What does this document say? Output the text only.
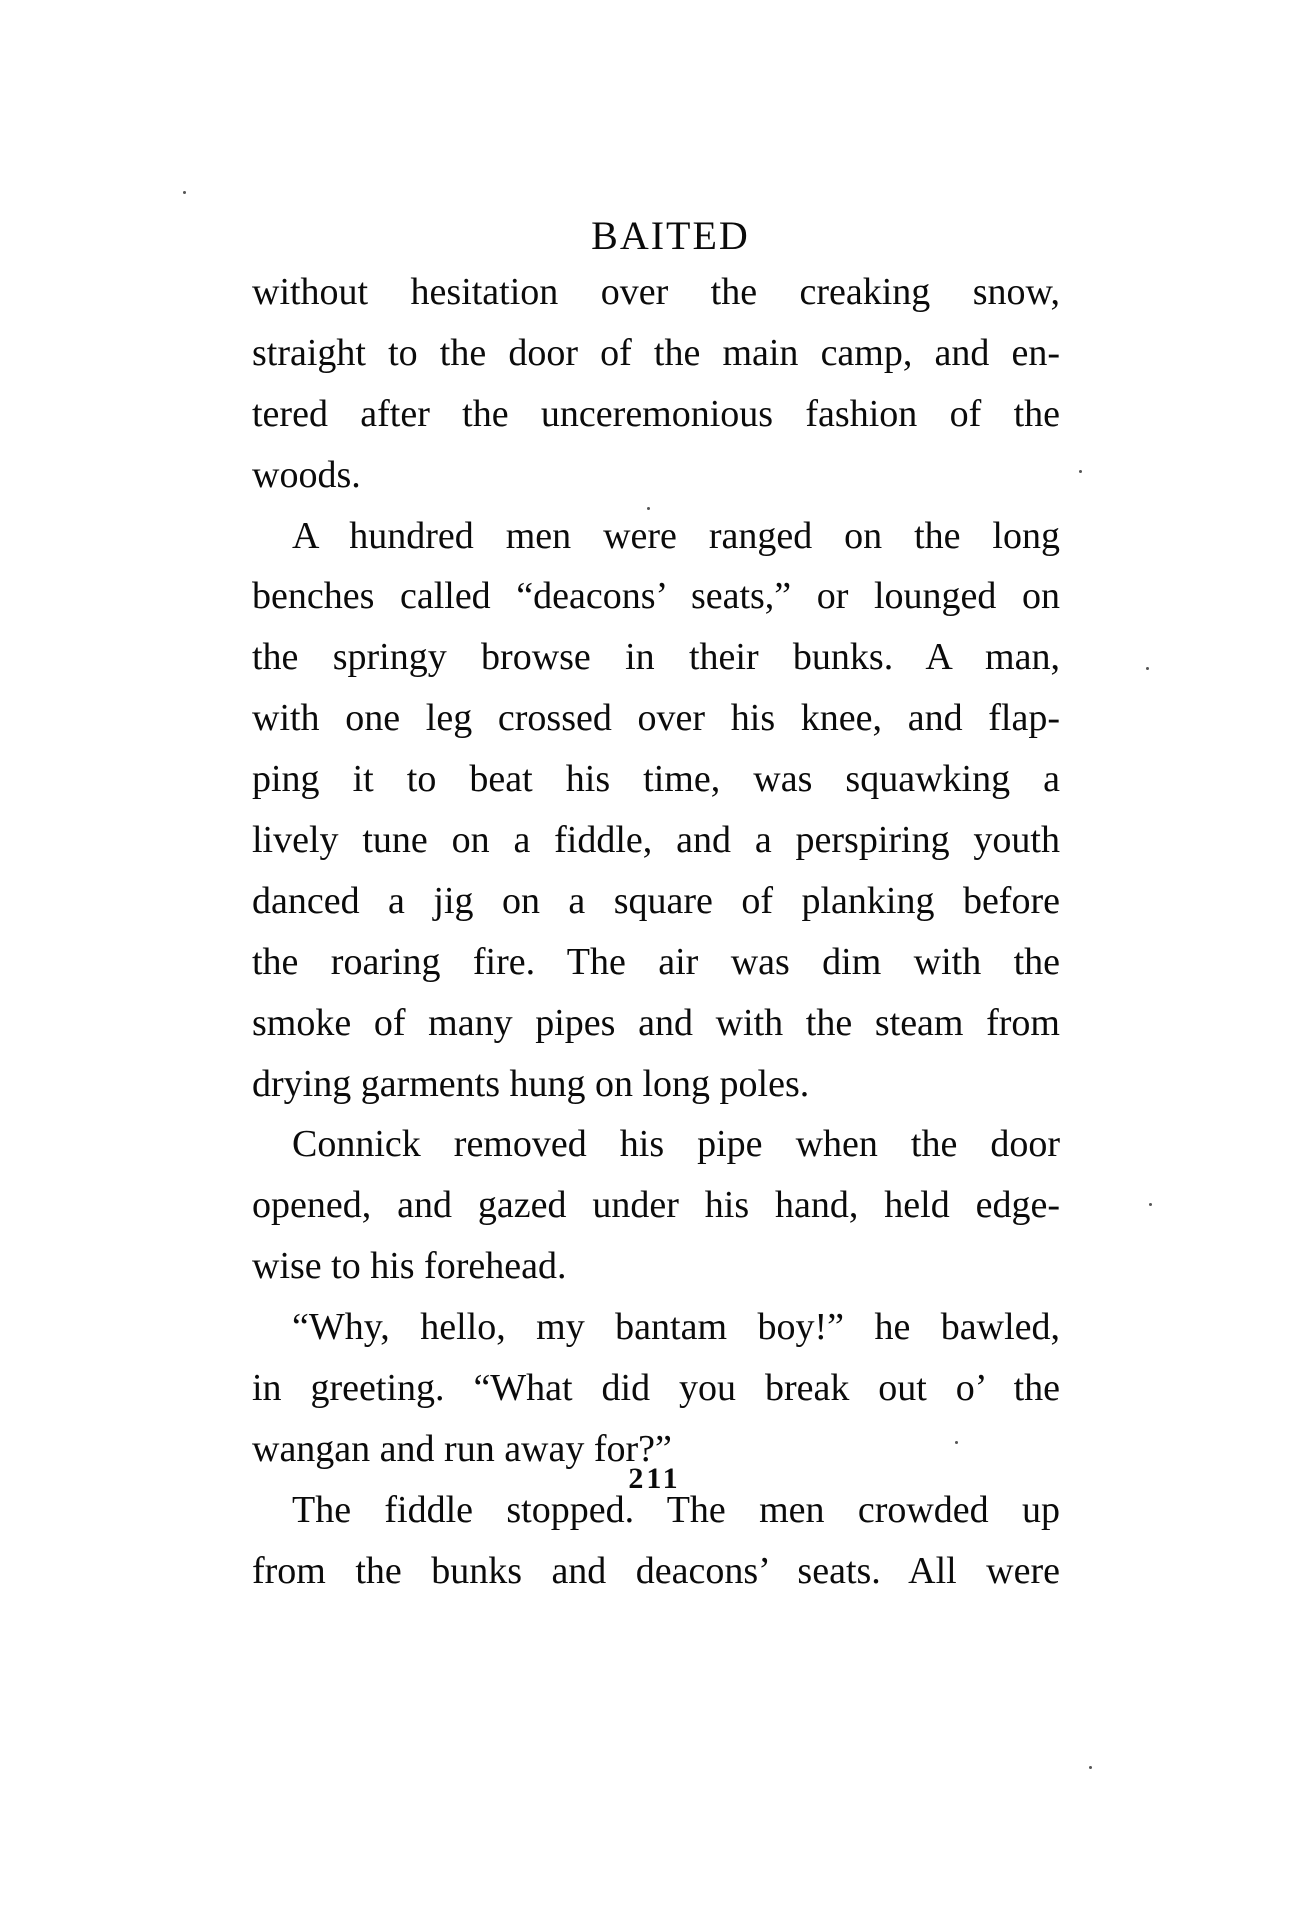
BAITED
without hesitation over the creaking snow,
straight to the door of the main camp, and en-
tered after the unceremonious fashion of the
woods.
A hundred men were ranged on the long
benches called “deacons’ seats,” or lounged on
the springy browse in their bunks. A man,
with one leg crossed over his knee, and flap-
ping it to beat his time, was squawking a
lively tune on a fiddle, and a perspiring youth
danced a jig on a square of planking before
the roaring fire. The air was dim with the
smoke of many pipes and with the steam from
drying garments hung on long poles.
Connick removed his pipe when the door
opened, and gazed under his hand, held edge-
wise to his forehead.
“Why, hello, my bantam boy!” he bawled,
in greeting. “What did you break out o’ the
wangan and run away for?”
The fiddle stopped. The men crowded up
from the bunks and deacons’ seats. All were
211
